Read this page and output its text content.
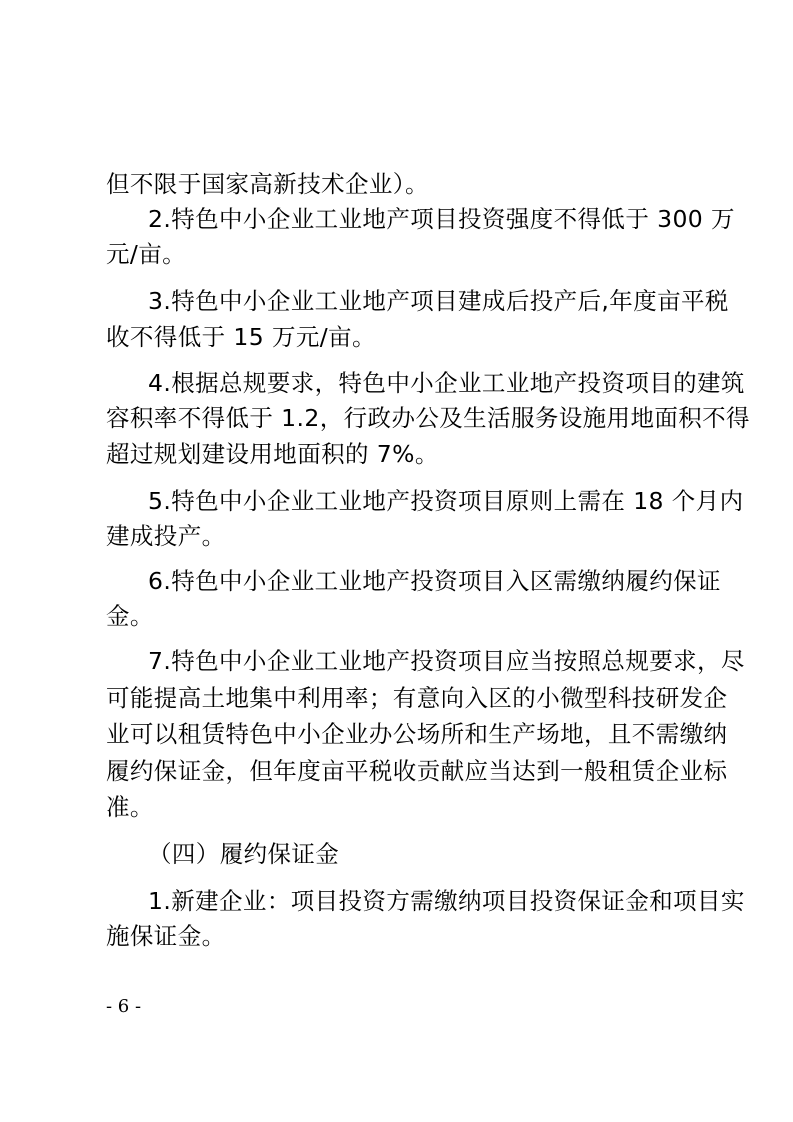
但不限于国家高新技术企业）。
2.特色中小企业工业地产项目投资强度不得低于 300 万
元/亩。
3.特色中小企业工业地产项目建成后投产后,年度亩平税
收不得低于 15 万元/亩。
4.根据总规要求，特色中小企业工业地产投资项目的建筑
容积率不得低于 1.2，行政办公及生活服务设施用地面积不得
超过规划建设用地面积的 7%。
5.特色中小企业工业地产投资项目原则上需在 18 个月内
建成投产。
6.特色中小企业工业地产投资项目入区需缴纳履约保证
金。
7.特色中小企业工业地产投资项目应当按照总规要求，尽
可能提高土地集中利用率；有意向入区的小微型科技研发企
业可以租赁特色中小企业办公场所和生产场地，且不需缴纳
履约保证金，但年度亩平税收贡献应当达到一般租赁企业标
准。
（四）履约保证金
1.新建企业：项目投资方需缴纳项目投资保证金和项目实
施保证金。
- 6 -
